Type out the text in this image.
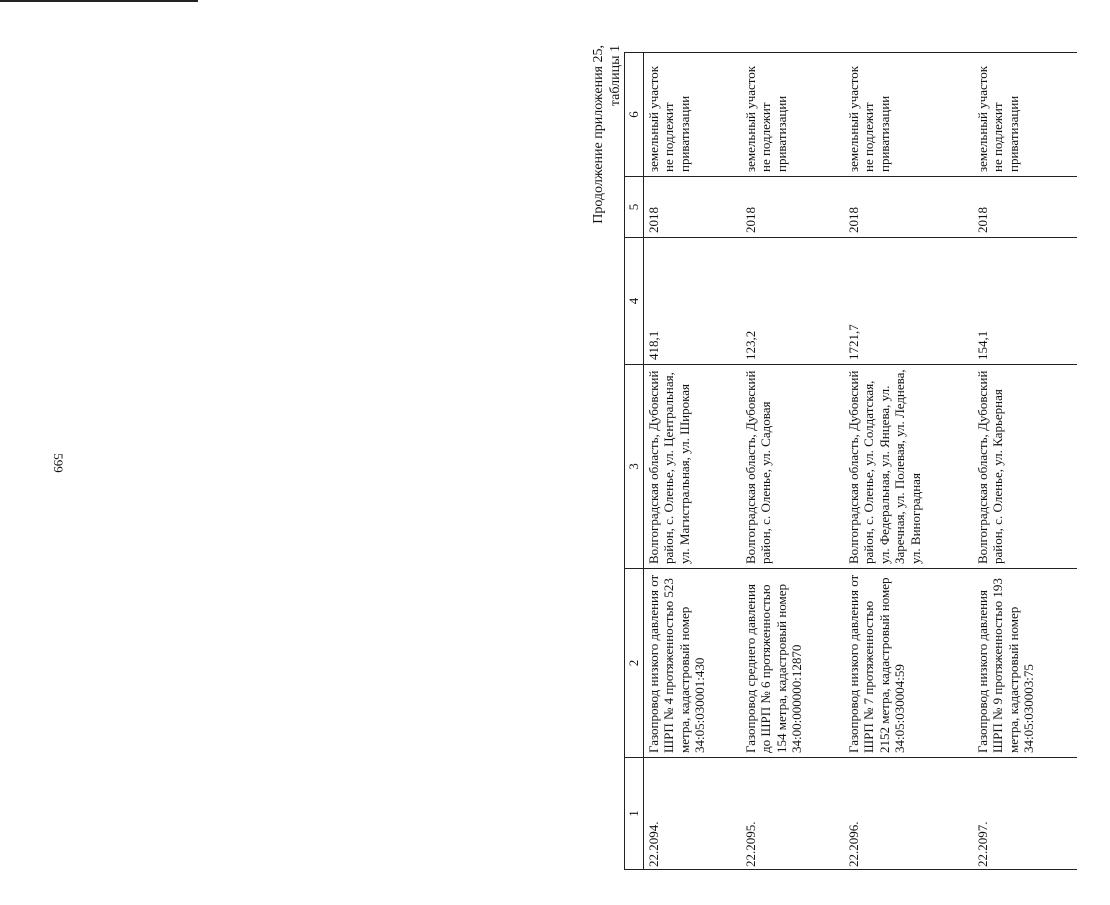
599
Продолжение приложения 25, таблицы 1
1	2	3	4	5	6
22.2094.	Газопровод низкого давления от ШРП № 4 протяженностью 523 метра, кадастровый номер 34:05:030001:430	Волгоградская область, Дубовский район, с. Оленье, ул. Центральная, ул. Магистральная, ул. Широкая	418,1	2018	земельный участок не подлежит приватизации
22.2095.	Газопровод среднего давления до ШРП № 6 протяженностью 154 метра, кадастровый номер 34:00:000000:12870	Волгоградская область, Дубовский район, с. Оленье, ул. Садовая	123,2	2018	земельный участок не подлежит приватизации
22.2096.	Газопровод низкого давления от ШРП № 7 протяженностью 2152 метра, кадастровый номер 34:05:030004:59	Волгоградская область, Дубовский район, с. Оленье, ул. Солдатская, ул. Федеральная, ул. Янцева, ул. Заречная, ул. Полевая, ул. Леднева, ул. Виноградная	1721,7	2018	земельный участок не подлежит приватизации
22.2097.	Газопровод низкого давления ШРП № 9 протяженностью 193 метра, кадастровый номер 34:05:030003:75	Волгоградская область, Дубовский район, с. Оленье, ул. Карьерная	154,1	2018	земельный участок не подлежит приватизации
